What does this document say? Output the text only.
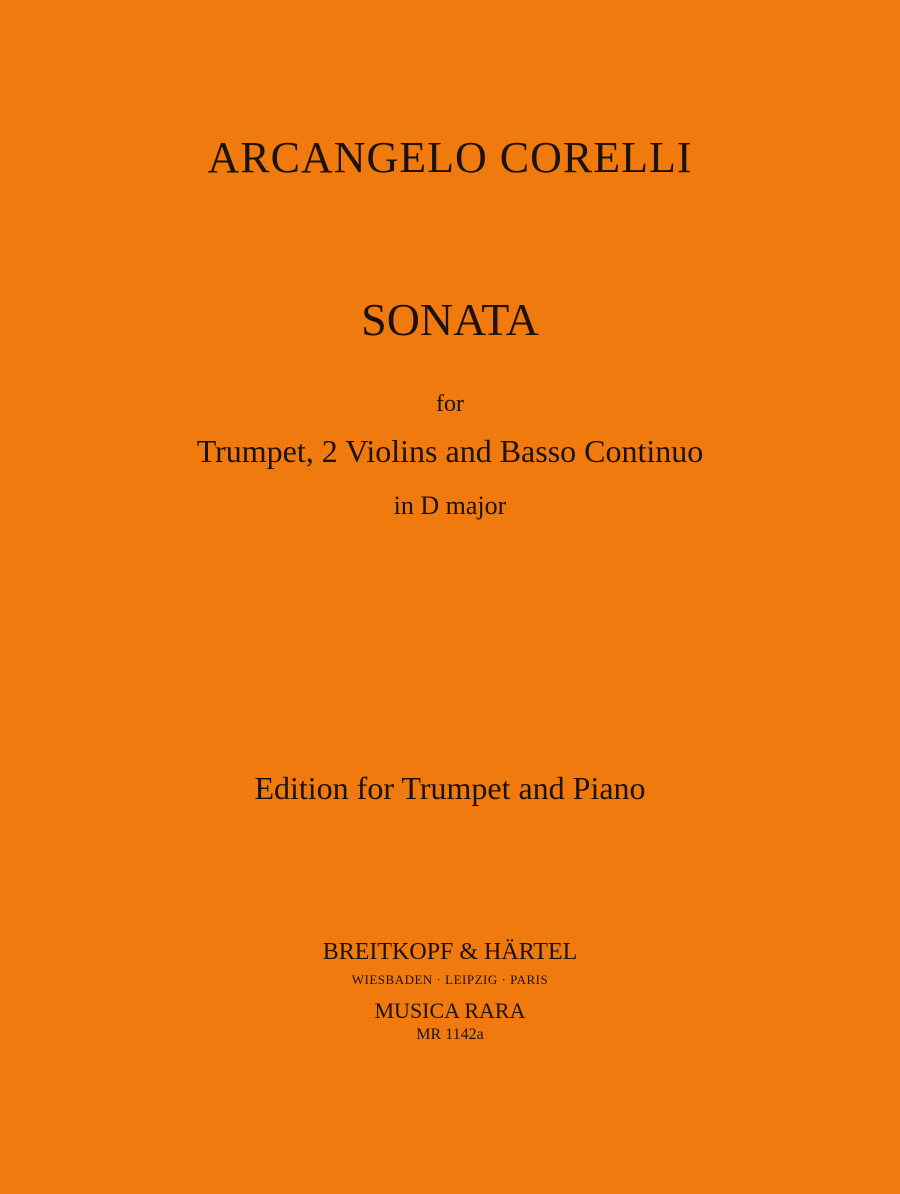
ARCANGELO CORELLI
SONATA
for
Trumpet, 2 Violins and Basso Continuo
in D major
Edition for Trumpet and Piano
BREITKOPF & HÄRTEL
WIESBADEN · LEIPZIG · PARIS
MUSICA RARA
MR 1142a
